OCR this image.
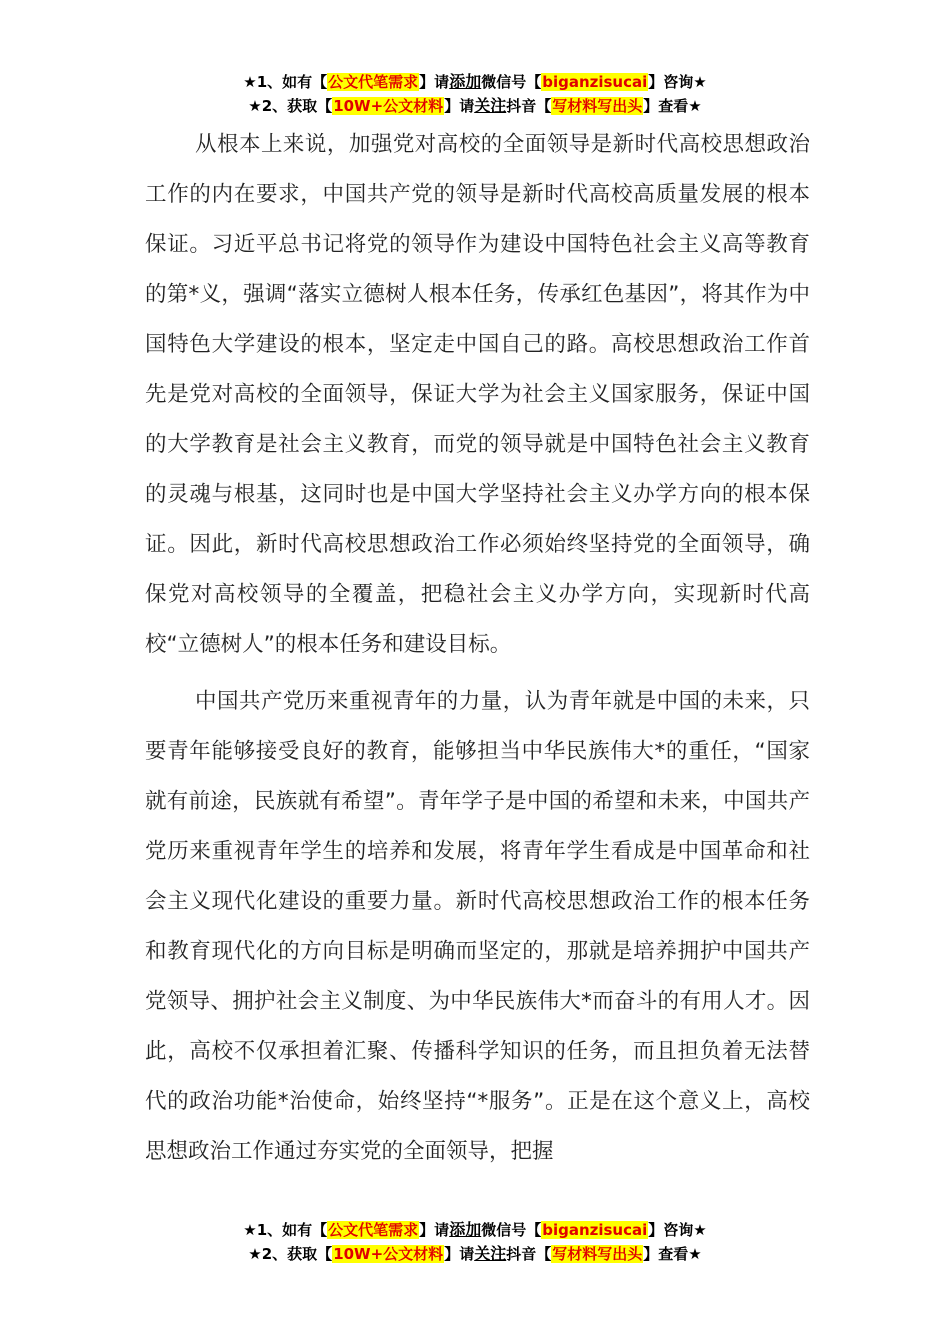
★1、如有【公文代笔需求】请添加微信号【biganzisucai】咨询★
★2、获取【10W+公文材料】请关注抖音【写材料写出头】查看★

从根本上来说，加强党对高校的全面领导是新时代高校思想政治工作的内在要求，中国共产党的领导是新时代高校高质量发展的根本保证。习近平总书记将党的领导作为建设中国特色社会主义高等教育的第*义，强调“落实立德树人根本任务，传承红色基因”，将其作为中国特色大学建设的根本，坚定走中国自己的路。高校思想政治工作首先是党对高校的全面领导，保证大学为社会主义国家服务，保证中国的大学教育是社会主义教育，而党的领导就是中国特色社会主义教育的灵魂与根基，这同时也是中国大学坚持社会主义办学方向的根本保证。因此，新时代高校思想政治工作必须始终坚持党的全面领导，确保党对高校领导的全覆盖，把稳社会主义办学方向，实现新时代高校“立德树人”的根本任务和建设目标。

中国共产党历来重视青年的力量，认为青年就是中国的未来，只要青年能够接受良好的教育，能够担当中华民族伟大*的重任，“国家就有前途，民族就有希望”。青年学子是中国的希望和未来，中国共产党历来重视青年学生的培养和发展，将青年学生看成是中国革命和社会主义现代化建设的重要力量。新时代高校思想政治工作的根本任务和教育现代化的方向目标是明确而坚定的，那就是培养拥护中国共产党领导、拥护社会主义制度、为中华民族伟大*而奋斗的有用人才。因此，高校不仅承担着汇聚、传播科学知识的任务，而且担负着无法替代的政治功能*治使命，始终坚持“*服务”。正是在这个意义上，高校思想政治工作通过夯实党的全面领导，把握

★1、如有【公文代笔需求】请添加微信号【biganzisucai】咨询★
★2、获取【10W+公文材料】请关注抖音【写材料写出头】查看★
